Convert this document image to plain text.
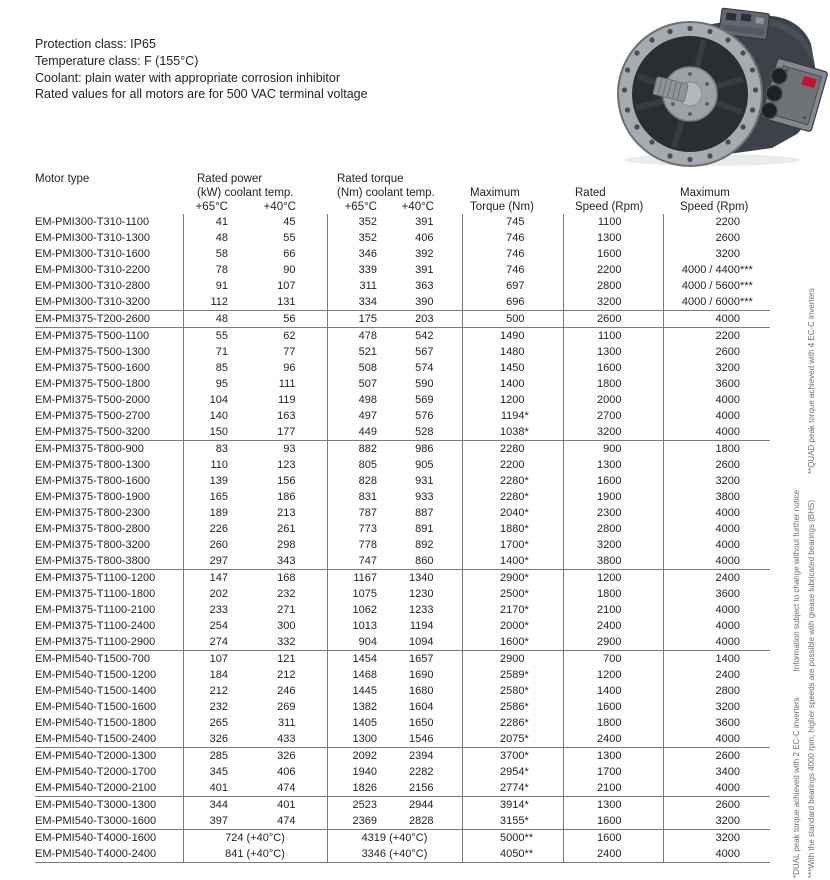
Protection class: IP65
Temperature class: F (155°C)
Coolant: plain water with appropriate corrosion inhibitor
Rated values for all motors are for 500 VAC terminal voltage
Motor type	Rated power		Rated torque				
	(kW) coolant temp.		(Nm) coolant temp.		Maximum	Rated	Maximum
	+65°C	+40°C	+65°C	+40°C	Torque (Nm)	Speed (Rpm)	Speed (Rpm)
EM-PMI300-T310-1100	41	45	352	391	745	1100	2200
EM-PMI300-T310-1300	48	55	352	406	746	1300	2600
EM-PMI300-T310-1600	58	66	346	392	746	1600	3200
EM-PMI300-T310-2200	78	90	339	391	746	2200	4000 / 4400***
EM-PMI300-T310-2800	91	107	311	363	697	2800	4000 / 5600***
EM-PMI300-T310-3200	112	131	334	390	696	3200	4000 / 6000***
EM-PMI375-T200-2600	48	56	175	203	500	2600	4000
EM-PMI375-T500-1100	55	62	478	542	1490	1100	2200
EM-PMI375-T500-1300	71	77	521	567	1480	1300	2600
EM-PMI375-T500-1600	85	96	508	574	1450	1600	3200
EM-PMI375-T500-1800	95	111	507	590	1400	1800	3600
EM-PMI375-T500-2000	104	119	498	569	1200	2000	4000
EM-PMI375-T500-2700	140	163	497	576	1194*	2700	4000
EM-PMI375-T500-3200	150	177	449	528	1038*	3200	4000
EM-PMI375-T800-900	83	93	882	986	2280	900	1800
EM-PMI375-T800-1300	110	123	805	905	2200	1300	2600
EM-PMI375-T800-1600	139	156	828	931	2280*	1600	3200
EM-PMI375-T800-1900	165	186	831	933	2280*	1900	3800
EM-PMI375-T800-2300	189	213	787	887	2040*	2300	4000
EM-PMI375-T800-2800	226	261	773	891	1880*	2800	4000
EM-PMI375-T800-3200	260	298	778	892	1700*	3200	4000
EM-PMI375-T800-3800	297	343	747	860	1400*	3800	4000
EM-PMI375-T1100-1200	147	168	1167	1340	2900*	1200	2400
EM-PMI375-T1100-1800	202	232	1075	1230	2500*	1800	3600
EM-PMI375-T1100-2100	233	271	1062	1233	2170*	2100	4000
EM-PMI375-T1100-2400	254	300	1013	1194	2000*	2400	4000
EM-PMI375-T1100-2900	274	332	904	1094	1600*	2900	4000
EM-PMI540-T1500-700	107	121	1454	1657	2900	700	1400
EM-PMI540-T1500-1200	184	212	1468	1690	2589*	1200	2400
EM-PMI540-T1500-1400	212	246	1445	1680	2580*	1400	2800
EM-PMI540-T1500-1600	232	269	1382	1604	2586*	1600	3200
EM-PMI540-T1500-1800	265	311	1405	1650	2286*	1800	3600
EM-PMI540-T1500-2400	326	433	1300	1546	2075*	2400	4000
EM-PMI540-T2000-1300	285	326	2092	2394	3700*	1300	2600
EM-PMI540-T2000-1700	345	406	1940	2282	2954*	1700	3400
EM-PMI540-T2000-2100	401	474	1826	2156	2774*	2100	4000
EM-PMI540-T3000-1300	344	401	2523	2944	3914*	1300	2600
EM-PMI540-T3000-1600	397	474	2369	2828	3155*	1600	3200
EM-PMI540-T4000-1600	724 (+40°C)		4319 (+40°C)		5000**	1600	3200
EM-PMI540-T4000-2400	841 (+40°C)		3346 (+40°C)		4050**	2400	4000	*DUAL peak torque achieved with 2 EC-C invertersInformation subject to change without further notice ***With the standard bearings 4000 rpm, higher speeds are possible with grease lubricated bearings (BHS)**QUAD peak torque achieved with 4 EC-C inverters
